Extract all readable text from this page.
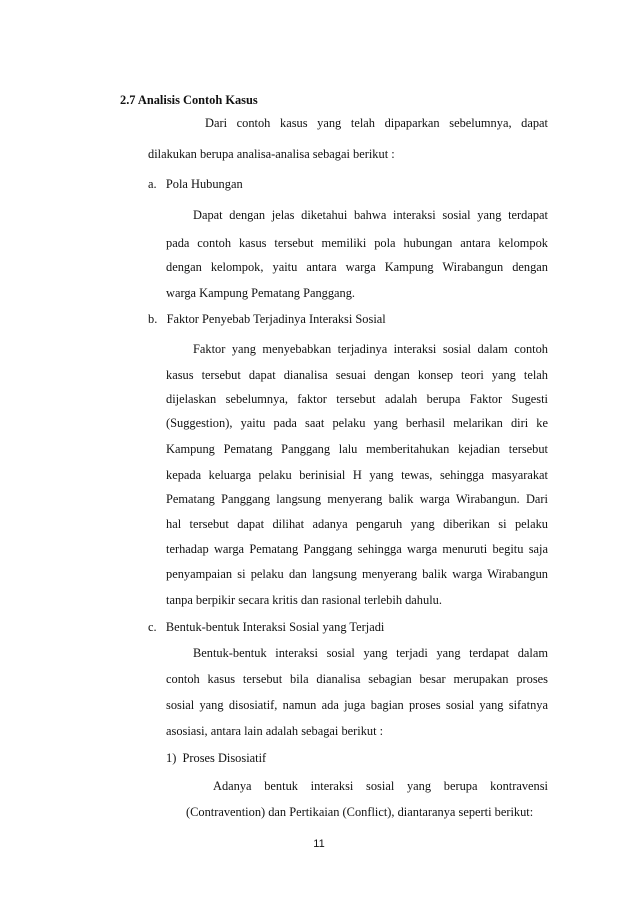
2.7 Analisis Contoh Kasus
Dari contoh kasus yang telah dipaparkan sebelumnya, dapat
dilakukan berupa analisa-analisa sebagai berikut :
a.   Pola Hubungan
Dapat dengan jelas diketahui bahwa interaksi sosial yang terdapat
pada contoh kasus tersebut memiliki pola hubungan antara kelompok
dengan kelompok, yaitu antara warga Kampung Wirabangun dengan
warga Kampung Pematang Panggang.
b.   Faktor Penyebab Terjadinya Interaksi Sosial
Faktor yang menyebabkan terjadinya interaksi sosial dalam contoh
kasus tersebut dapat dianalisa sesuai dengan konsep teori yang telah
dijelaskan sebelumnya, faktor tersebut adalah berupa Faktor Sugesti
(Suggestion), yaitu pada saat pelaku yang berhasil melarikan diri ke
Kampung Pematang Panggang lalu memberitahukan kejadian tersebut
kepada keluarga pelaku berinisial H yang tewas, sehingga masyarakat
Pematang Panggang langsung menyerang balik warga Wirabangun. Dari
hal tersebut dapat dilihat adanya pengaruh yang diberikan si pelaku
terhadap warga Pematang Panggang sehingga warga menuruti begitu saja
penyampaian si pelaku dan langsung menyerang balik warga Wirabangun
tanpa berpikir secara kritis dan rasional terlebih dahulu.
c.   Bentuk-bentuk Interaksi Sosial yang Terjadi
Bentuk-bentuk interaksi sosial yang terjadi yang terdapat dalam
contoh kasus tersebut bila dianalisa sebagian besar merupakan proses
sosial yang disosiatif, namun ada juga bagian proses sosial yang sifatnya
asosiasi, antara lain adalah sebagai berikut :
11
1)  Proses Disosiatif
Adanya bentuk interaksi sosial yang berupa kontravensi
(Contravention) dan Pertikaian (Conflict), diantaranya seperti berikut:
